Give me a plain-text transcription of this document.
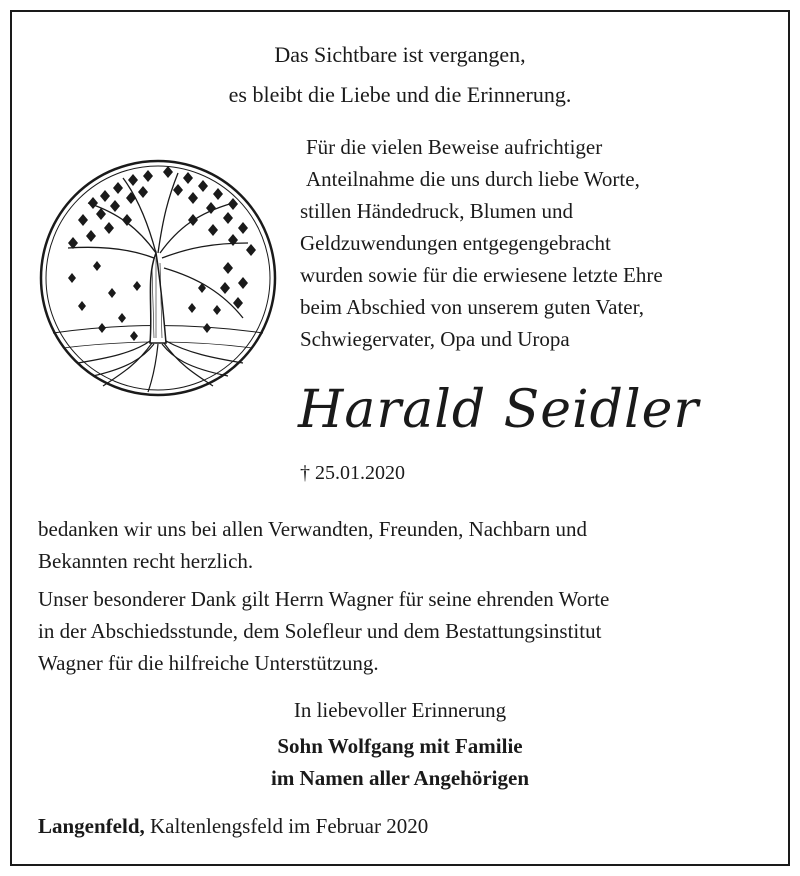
Das Sichtbare ist vergangen,
es bleibt die Liebe und die Erinnerung.
Für die vielen Beweise aufrichtiger
Anteilnahme die uns durch liebe Worte,
stillen Händedruck, Blumen und
Geldzuwendungen entgegengebracht
wurden sowie für die erwiesene letzte Ehre
beim Abschied von unserem guten Vater,
Schwiegervater, Opa und Uropa
Harald Seidler
† 25.01.2020
bedanken wir uns bei allen Verwandten, Freunden, Nachbarn und
Bekannten recht herzlich.
Unser besonderer Dank gilt Herrn Wagner für seine ehrenden Worte
in der Abschiedsstunde, dem Solefleur und dem Bestattungsinstitut
Wagner für die hilfreiche Unterstützung.
In liebevoller Erinnerung
Sohn Wolfgang mit Familie
im Namen aller Angehörigen
Langenfeld, Kaltenlengsfeld im Februar 2020
